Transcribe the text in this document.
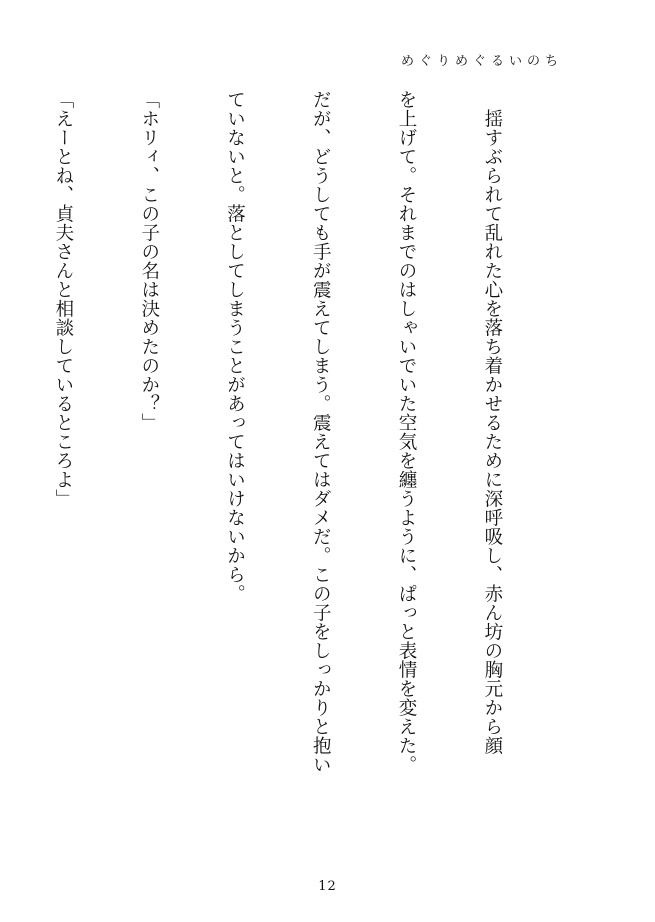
めぐりめぐるいのち

　揺すぶられて乱れた心を落ち着かせるために深呼吸し、赤ん坊の胸元から顔

を上げて。それまでのはしゃいでいた空気を纏うように、ぱっと表情を変えた。

だが、どうしても手が震えてしまう。震えてはダメだ。この子をしっかりと抱い

ていないと。落としてしまうことがあってはいけないから。

「ホリィ、この子の名は決めたのか？」

「えーとね、貞夫さんと相談しているところよ」

12
